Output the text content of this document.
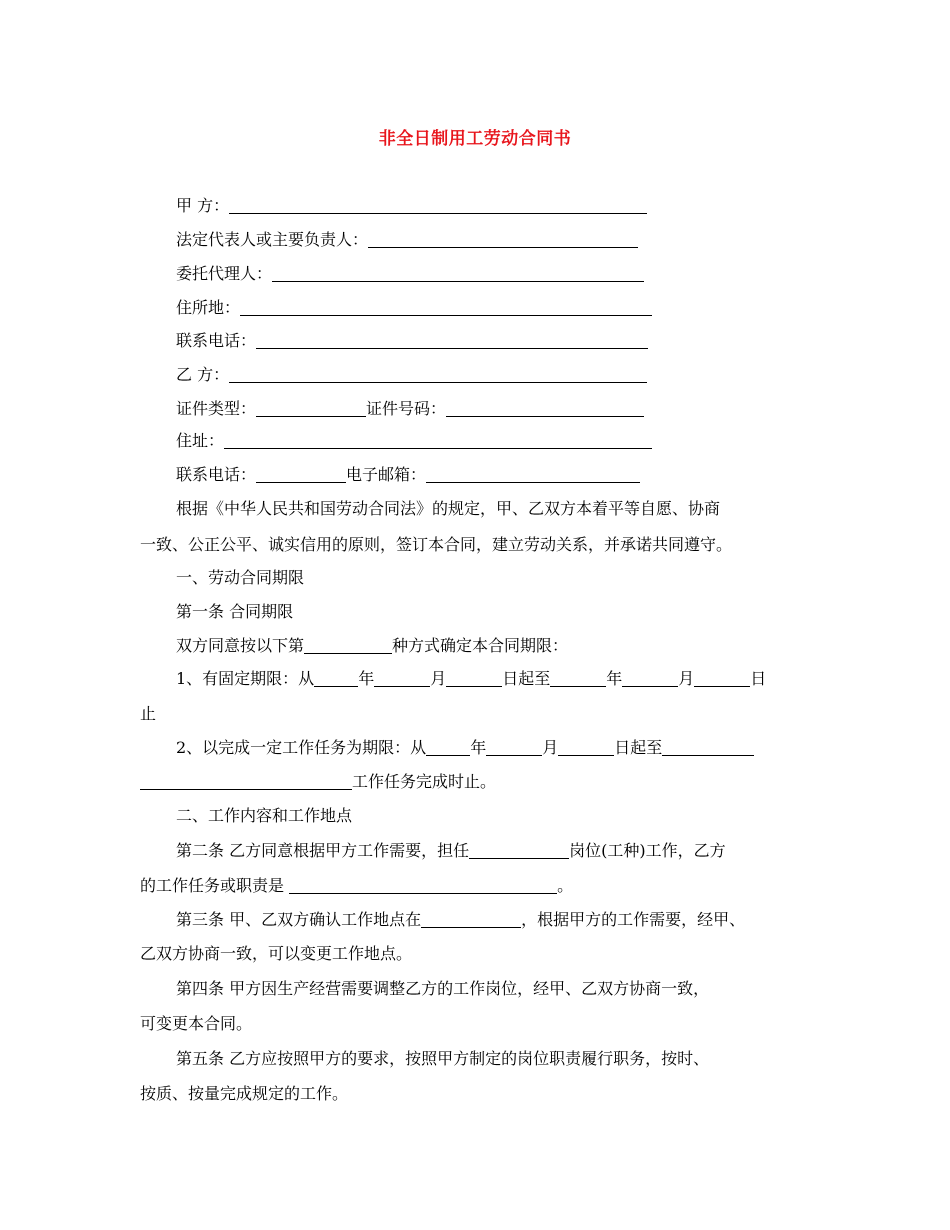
非全日制用工劳动合同书
甲 方：
法定代表人或主要负责人：
委托代理人：
住所地：
联系电话：
乙 方：
证件类型：	证件号码：
住址：
联系电话：	电子邮箱：
根据《中华人民共和国劳动合同法》的规定，甲、乙双方本着平等自愿、协商
一致、公正公平、诚实信用的原则，签订本合同，建立劳动关系，并承诺共同遵守。
一、劳动合同期限
第一条 合同期限
双方同意按以下第	种方式确定本合同期限：
1、有固定期限：从	年	月	日起至	年	月	日
止
2、以完成一定工作任务为期限：从	年	月	日起至
工作任务完成时止。
二、工作内容和工作地点
第二条 乙方同意根据甲方工作需要，担任	岗位(工种)工作，乙方
的工作任务或职责是	。
第三条 甲、乙双方确认工作地点在	，根据甲方的工作需要，经甲、
乙双方协商一致，可以变更工作地点。
第四条 甲方因生产经营需要调整乙方的工作岗位，经甲、乙双方协商一致，
可变更本合同。
第五条 乙方应按照甲方的要求，按照甲方制定的岗位职责履行职务，按时、
按质、按量完成规定的工作。
